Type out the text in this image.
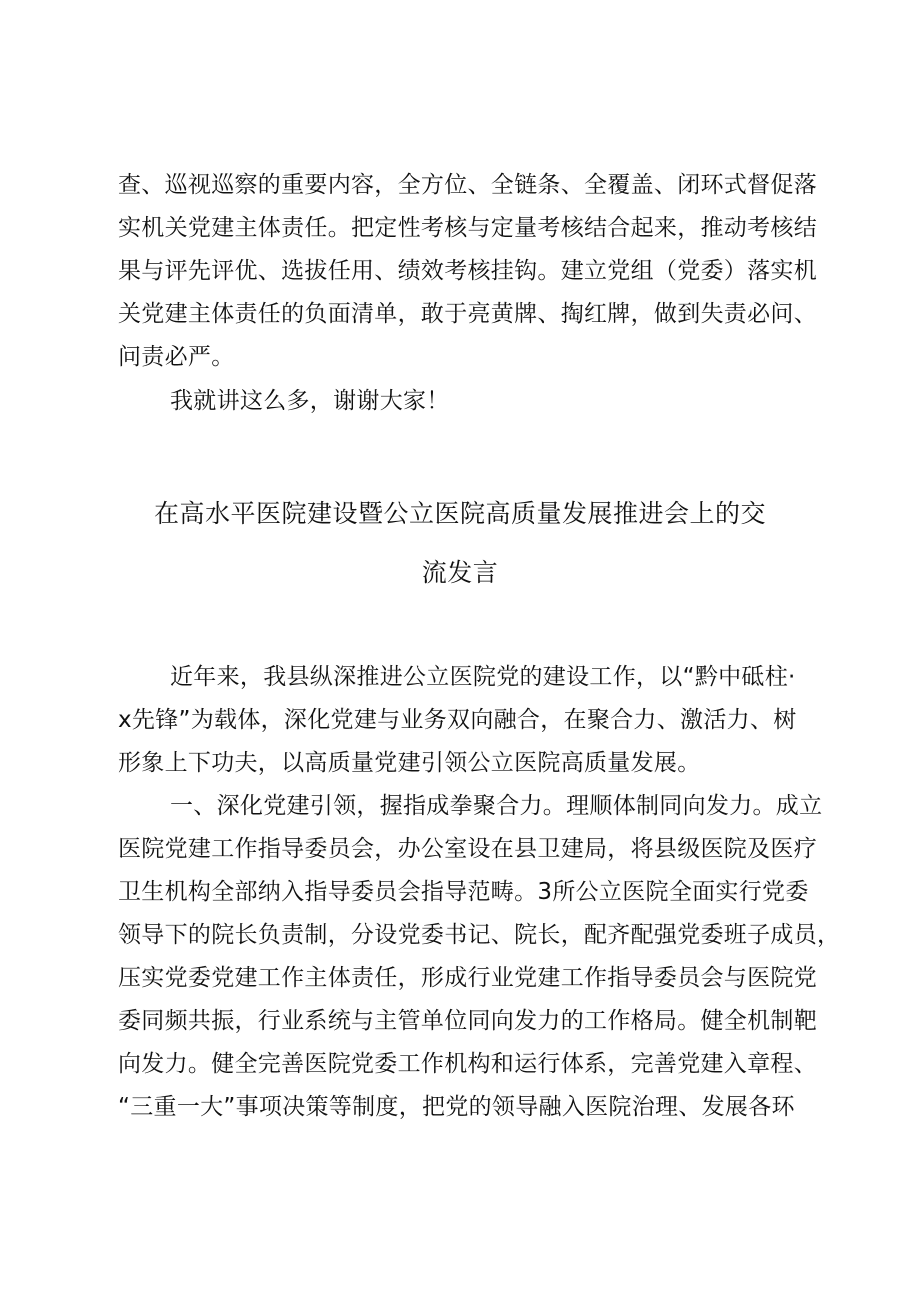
查、巡视巡察的重要内容，全方位、全链条、全覆盖、闭环式督促落
实机关党建主体责任。把定性考核与定量考核结合起来，推动考核结
果与评先评优、选拔任用、绩效考核挂钩。建立党组（党委）落实机
关党建主体责任的负面清单，敢于亮黄牌、掏红牌，做到失责必问、
问责必严。
我就讲这么多，谢谢大家！
在高水平医院建设暨公立医院高质量发展推进会上的交
流发言
近年来，我县纵深推进公立医院党的建设工作，以“黔中砥柱·
x先锋”为载体，深化党建与业务双向融合，在聚合力、激活力、树
形象上下功夫，以高质量党建引领公立医院高质量发展。
一、深化党建引领，握指成拳聚合力。理顺体制同向发力。成立
医院党建工作指导委员会，办公室设在县卫建局，将县级医院及医疗
卫生机构全部纳入指导委员会指导范畴。3所公立医院全面实行党委
领导下的院长负责制，分设党委书记、院长，配齐配强党委班子成员，
压实党委党建工作主体责任，形成行业党建工作指导委员会与医院党
委同频共振，行业系统与主管单位同向发力的工作格局。健全机制靶
向发力。健全完善医院党委工作机构和运行体系，完善党建入章程、
“三重一大”事项决策等制度，把党的领导融入医院治理、发展各环
